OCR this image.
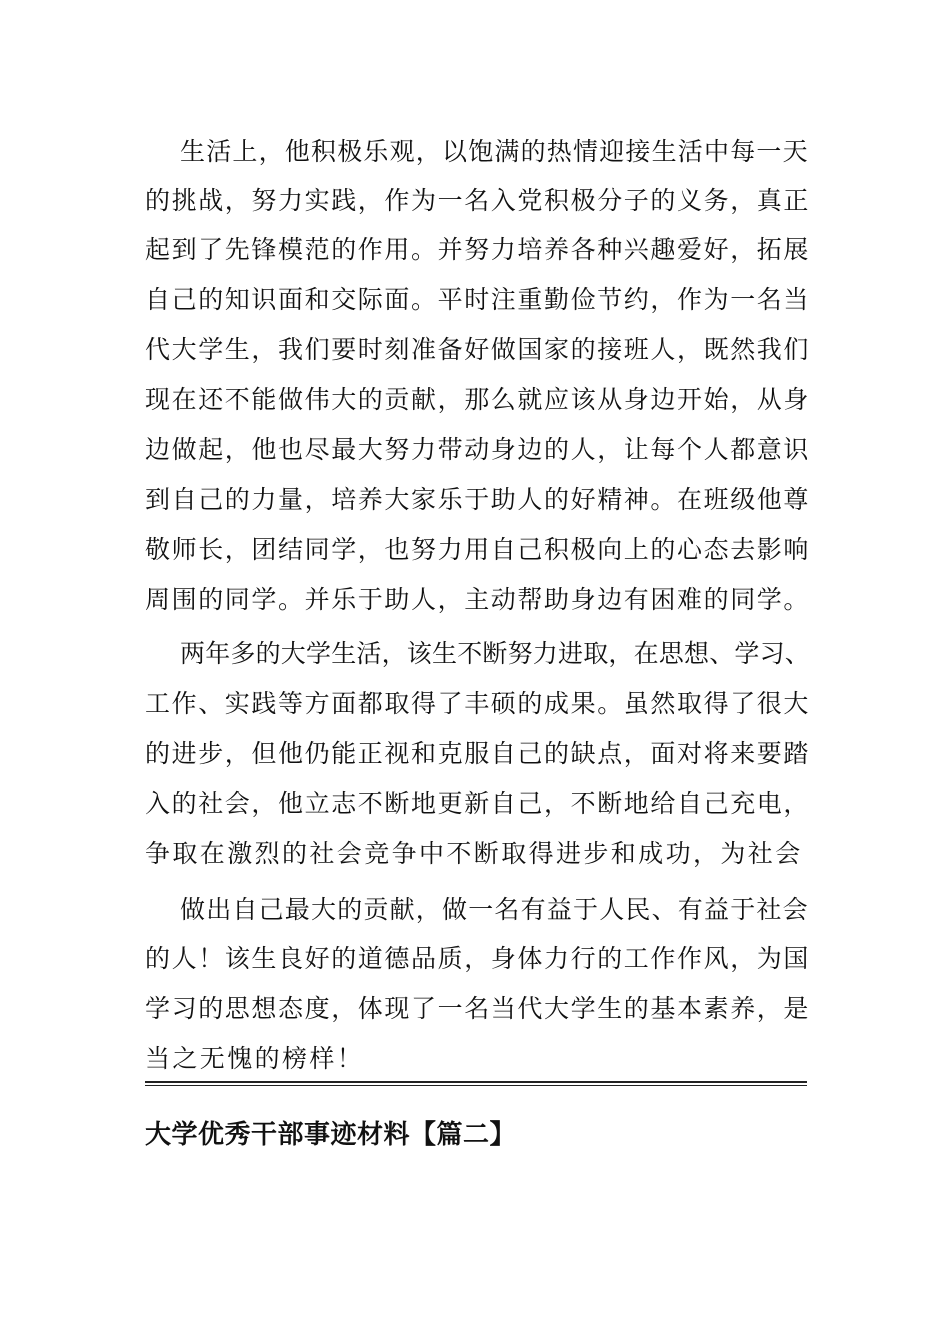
生活上，他积极乐观，以饱满的热情迎接生活中每一天
的挑战，努力实践，作为一名入党积极分子的义务，真正
起到了先锋模范的作用。并努力培养各种兴趣爱好，拓展
自己的知识面和交际面。平时注重勤俭节约，作为一名当
代大学生，我们要时刻准备好做国家的接班人，既然我们
现在还不能做伟大的贡献，那么就应该从身边开始，从身
边做起，他也尽最大努力带动身边的人，让每个人都意识
到自己的力量，培养大家乐于助人的好精神。在班级他尊
敬师长，团结同学，也努力用自己积极向上的心态去影响
周围的同学。并乐于助人，主动帮助身边有困难的同学。
两年多的大学生活，该生不断努力进取，在思想、学习、
工作、实践等方面都取得了丰硕的成果。虽然取得了很大
的进步，但他仍能正视和克服自己的缺点，面对将来要踏
入的社会，他立志不断地更新自己，不断地给自己充电，
争取在激烈的社会竞争中不断取得进步和成功，为社会
做出自己最大的贡献，做一名有益于人民、有益于社会
的人！该生良好的道德品质，身体力行的工作作风，为国
学习的思想态度，体现了一名当代大学生的基本素养，是
当之无愧的榜样！
大学优秀干部事迹材料【篇二】
